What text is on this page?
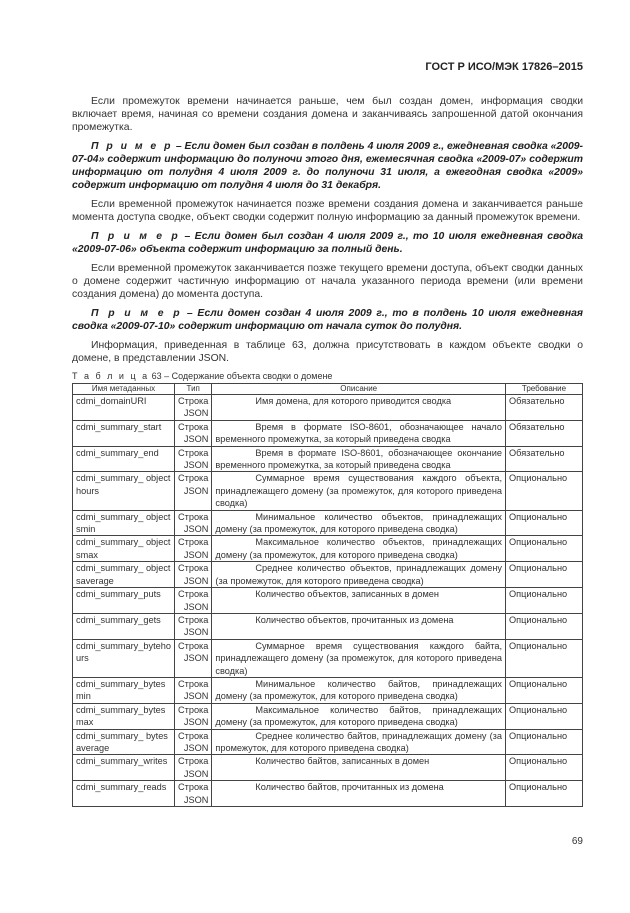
ГОСТ Р ИСО/МЭК 17826–2015

Если промежуток времени начинается раньше, чем был создан домен, информация сводки включает время, начиная со времени создания домена и заканчиваясь запрошенной датой окончания промежутка.

П р и м е р – Если домен был создан в полдень 4 июля 2009 г., ежедневная сводка «2009-07-04» содержит информацию до полуночи этого дня, ежемесячная сводка «2009-07» содержит информацию от полудня 4 июля 2009 г. до полуночи 31 июля, а ежегодная сводка «2009» содержит информацию от полудня 4 июля до 31 декабря.

Если временной промежуток начинается позже времени создания домена и заканчивается раньше момента доступа сводке, объект сводки содержит полную информацию за данный промежуток времени.

П р и м е р – Если домен был создан 4 июля 2009 г., то 10 июля ежедневная сводка «2009-07-06» объекта содержит информацию за полный день.

Если временной промежуток заканчивается позже текущего времени доступа, объект сводки данных о домене содержит частичную информацию от начала указанного периода времени (или времени создания домена) до момента доступа.

П р и м е р – Если домен создан 4 июля 2009 г., то в полдень 10 июля ежедневная сводка «2009-07-10» содержит информацию от начала суток до полудня.

Информация, приведенная в таблице 63, должна присутствовать в каждом объекте сводки о домене, в представлении JSON.

Т а б л и ц а 63 – Содержание объекта сводки о домене
Имя метаданных	Тип	Описание	Требование
cdmi_domainURI	Строка JSON	Имя домена, для которого приводится сводка	Обязательно
cdmi_summary_start	Строка JSON	Время в формате ISO-8601, обозначающее начало временного промежутка, за который приведена сводка	Обязательно
cdmi_summary_end	Строка JSON	Время в формате ISO-8601, обозначающее окончание временного промежутка, за который приведена сводка	Обязательно
cdmi_summary_ objecthours	Строка JSON	Суммарное время существования каждого объекта, принадлежащего домену (за промежуток, для которого приведена сводка)	Опционально
cdmi_summary_ objectsmin	Строка JSON	Минимальное количество объектов, принадлежащих домену (за промежуток, для которого приведена сводка)	Опционально
cdmi_summary_ objectsmax	Строка JSON	Максимальное количество объектов, принадлежащих домену (за промежуток, для которого приведена сводка)	Опционально
cdmi_summary_ objectsaverage	Строка JSON	Среднее количество объектов, принадлежащих домену (за промежуток, для которого приведена сводка)	Опционально
cdmi_summary_puts	Строка JSON	Количество объектов, записанных в домен	Опционально
cdmi_summary_gets	Строка JSON	Количество объектов, прочитанных из домена	Опционально
cdmi_summary_bytehours	Строка JSON	Суммарное время существования каждого байта, принадлежащего домену (за промежуток, для которого приведена сводка)	Опционально
cdmi_summary_bytesmin	Строка JSON	Минимальное количество байтов, принадлежащих домену (за промежуток, для которого приведена сводка)	Опционально
cdmi_summary_bytesmax	Строка JSON	Максимальное количество байтов, принадлежащих домену (за промежуток, для которого приведена сводка)	Опционально
cdmi_summary_ bytesaverage	Строка JSON	Среднее количество байтов, принадлежащих домену (за промежуток, для которого приведена сводка)	Опционально
cdmi_summary_writes	Строка JSON	Количество байтов, записанных в домен	Опционально
cdmi_summary_reads	Строка JSON	Количество байтов, прочитанных из домена	Опционально
69
